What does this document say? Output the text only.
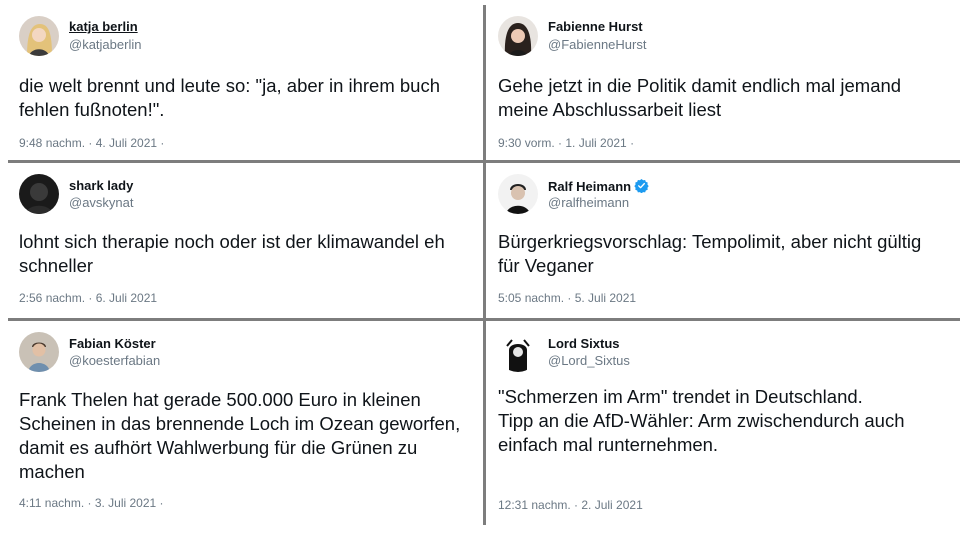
katja berlin
@katjaberlin
die welt brennt und leute so: "ja, aber in ihrem buch
fehlen fußnoten!".
9:48 nachm. · 4. Juli 2021 ·
Fabienne Hurst
@FabienneHurst
Gehe jetzt in die Politik damit endlich mal jemand
meine Abschlussarbeit liest
9:30 vorm. · 1. Juli 2021 ·
shark lady
@avskynat
lohnt sich therapie noch oder ist der klimawandel eh
schneller
2:56 nachm. · 6. Juli 2021
Ralf Heimann
@ralfheimann
Bürgerkriegsvorschlag: Tempolimit, aber nicht gültig
für Veganer
5:05 nachm. · 5. Juli 2021
Fabian Köster
@koesterfabian
Frank Thelen hat gerade 500.000 Euro in kleinen
Scheinen in das brennende Loch im Ozean geworfen,
damit es aufhört Wahlwerbung für die Grünen zu
machen
4:11 nachm. · 3. Juli 2021 ·
Lord Sixtus
@Lord_Sixtus
"Schmerzen im Arm" trendet in Deutschland.
Tipp an die AfD-Wähler: Arm zwischendurch auch
einfach mal runternehmen.
12:31 nachm. · 2. Juli 2021
